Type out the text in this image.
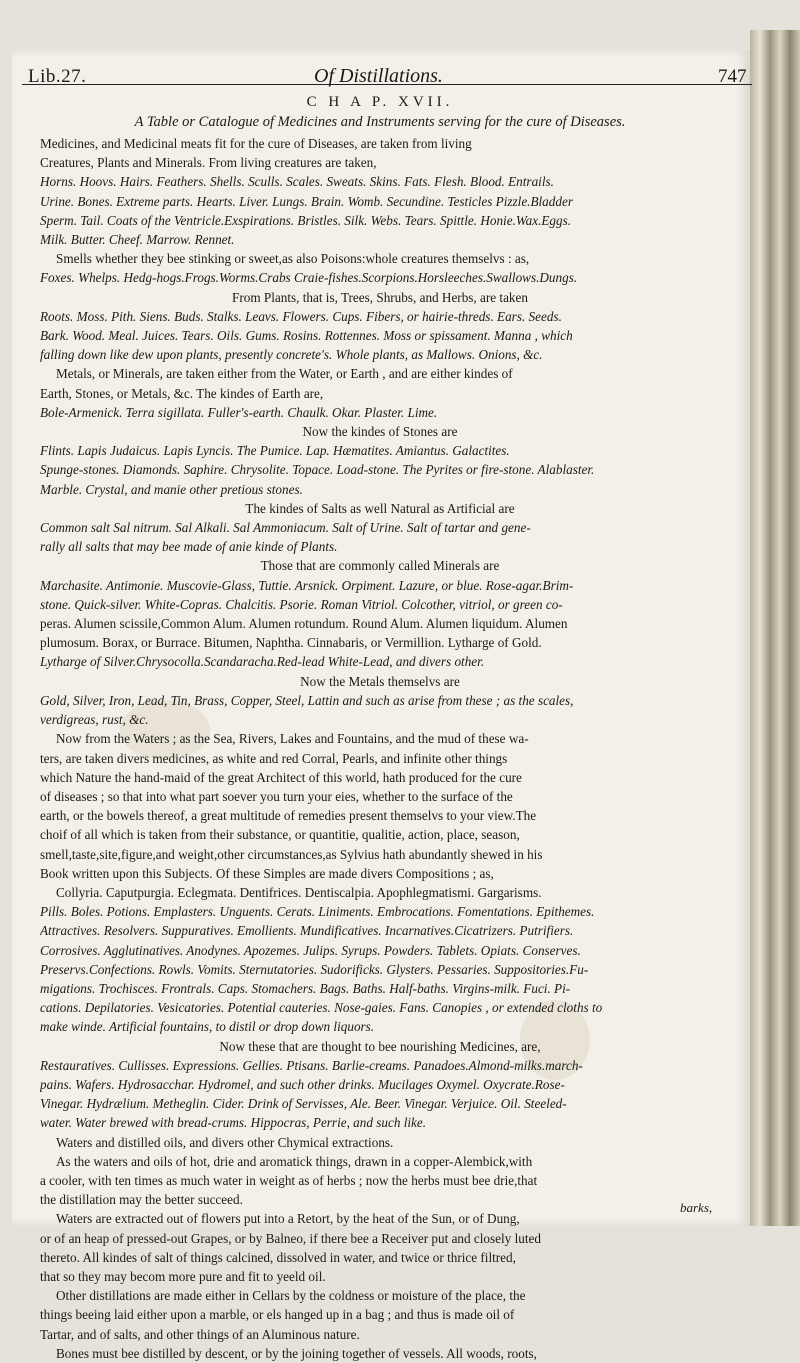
Lib.27.	Of Distillations.	747
C H A P. XVII.
A Table or Catalogue of Medicines and Instruments serving for the cure of Diseases.

Medicines, and Medicinal meats fit for the cure of Diseases, are taken from living

Creatures, Plants and Minerals. From living creatures are taken,

Horns. Hoovs. Hairs. Feathers. Shells. Sculls. Scales. Sweats. Skins. Fats. Flesh. Blood. Entrails.

Urine. Bones. Extreme parts. Hearts. Liver. Lungs. Brain. Womb. Secundine. Testicles Pizzle.Bladder

Sperm. Tail. Coats of the Ventricle.Exspirations. Bristles. Silk. Webs. Tears. Spittle. Honie.Wax.Eggs.

Milk. Butter. Cheef. Marrow. Rennet.

Smells whether they bee stinking or sweet,as also Poisons:whole creatures themselvs : as,

Foxes. Whelps. Hedg-hogs.Frogs.Worms.Crabs Craie-fishes.Scorpions.Horsleeches.Swallows.Dungs.

From Plants, that is, Trees, Shrubs, and Herbs, are taken

Roots. Moss. Pith. Siens. Buds. Stalks. Leavs. Flowers. Cups. Fibers, or hairie-threds. Ears. Seeds.

Bark. Wood. Meal. Juices. Tears. Oils. Gums. Rosins. Rottennes. Moss or spissament. Manna , which

falling down like dew upon plants, presently concrete's. Whole plants, as Mallows. Onions, &c.

Metals, or Minerals, are taken either from the Water, or Earth , and are either kindes of

Earth, Stones, or Metals, &c. The kindes of Earth are,

Bole-Armenick. Terra sigillata. Fuller's-earth. Chaulk. Okar. Plaster. Lime.

Now the kindes of Stones are

Flints. Lapis Judaicus. Lapis Lyncis. The Pumice. Lap. Hæmatites. Amiantus. Galactites.

Spunge-stones. Diamonds. Saphire. Chrysolite. Topace. Load-stone. The Pyrites or fire-stone. Alablaster.

Marble. Crystal, and manie other pretious stones.

The kindes of Salts as well Natural as Artificial are

Common salt Sal nitrum. Sal Alkali. Sal Ammoniacum. Salt of Urine. Salt of tartar and gene-

rally all salts that may bee made of anie kinde of Plants.

Those that are commonly called Minerals are

Marchasite. Antimonie. Muscovie-Glass, Tuttie. Arsnick. Orpiment. Lazure, or blue. Rose-agar.Brim-

stone. Quick-silver. White-Copras. Chalcitis. Psorie. Roman Vitriol. Colcother, vitriol, or green co-

peras. Alumen scissile,Common Alum. Alumen rotundum. Round Alum. Alumen liquidum. Alumen

plumosum. Borax, or Burrace. Bitumen, Naphtha. Cinnabaris, or Vermillion. Lytharge of Gold.

Lytharge of Silver.Chrysocolla.Scandaracha.Red-lead White-Lead, and divers other.

Now the Metals themselvs are

Gold, Silver, Iron, Lead, Tin, Brass, Copper, Steel, Lattin and such as arise from these ; as the scales,

verdigreas, rust, &c.

Now from the Waters ; as the Sea, Rivers, Lakes and Fountains, and the mud of these wa-

ters, are taken divers medicines, as white and red Corral, Pearls, and infinite other things

which Nature the hand-maid of the great Architect of this world, hath produced for the cure

of diseases ; so that into what part soever you turn your eies, whether to the surface of the

earth, or the bowels thereof, a great multitude of remedies present themselvs to your view.The

choif of all which is taken from their substance, or quantitie, qualitie, action, place, season,

smell,taste,site,figure,and weight,other circumstances,as Sylvius hath abundantly shewed in his

Book written upon this Subjects. Of these Simples are made divers Compositions ; as,

Collyria. Caputpurgia. Eclegmata. Dentifrices. Dentiscalpia. Apophlegmatismi. Gargarisms.

Pills. Boles. Potions. Emplasters. Unguents. Cerats. Liniments. Embrocations. Fomentations. Epithemes.

Attractives. Resolvers. Suppuratives. Emollients. Mundificatives. Incarnatives.Cicatrizers. Putrifiers.

Corrosives. Agglutinatives. Anodynes. Apozemes. Julips. Syrups. Powders. Tablets. Opiats. Conserves.

Preservs.Confections. Rowls. Vomits. Sternutatories. Sudorificks. Glysters. Pessaries. Suppositories.Fu-

migations. Trochisces. Frontrals. Caps. Stomachers. Bags. Baths. Half-baths. Virgins-milk. Fuci. Pi-

cations. Depilatories. Vesicatories. Potential cauteries. Nose-gaies. Fans. Canopies , or extended cloths to

make winde. Artificial fountains, to distil or drop down liquors.

Now these that are thought to bee nourishing Medicines, are,

Restauratives. Cullisses. Expressions. Gellies. Ptisans. Barlie-creams. Panadoes.Almond-milks.march-

pains. Wafers. Hydrosacchar. Hydromel, and such other drinks. Mucilages Oxymel. Oxycrate.Rose-

Vinegar. Hydrælium. Metheglin. Cider. Drink of Servisses, Ale. Beer. Vinegar. Verjuice. Oil. Steeled-

water. Water brewed with bread-crums. Hippocras, Perrie, and such like.

Waters and distilled oils, and divers other Chymical extractions.

As the waters and oils of hot, drie and aromatick things, drawn in a copper-Alembick,with

a cooler, with ten times as much water in weight as of herbs ; now the herbs must bee drie,that

the distillation may the better succeed.

Waters are extracted out of flowers put into a Retort, by the heat of the Sun, or of Dung,

or of an heap of pressed-out Grapes, or by Balneo, if there bee a Receiver put and closely luted

thereto. All kindes of salt of things calcined, dissolved in water, and twice or thrice filtred,

that so they may becom more pure and fit to yeeld oil.

Other distillations are made either in Cellars by the coldness or moisture of the place, the

things beeing laid either upon a marble, or els hanged up in a bag ; and thus is made oil of

Tartar, and of salts, and other things of an Aluminous nature.

Bones must bee distilled by descent, or by the joining together of vessels. All woods, roots,

barks,
